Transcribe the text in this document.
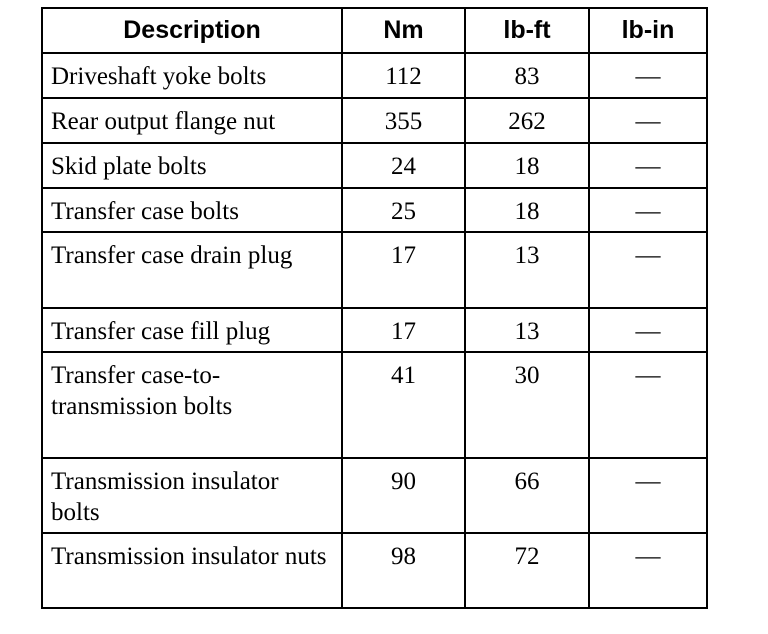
Description	Nm	lb-ft	lb-in
Driveshaft yoke bolts	112	83	—
Rear output flange nut	355	262	—
Skid plate bolts	24	18	—
Transfer case bolts	25	18	—
Transfer case drain plug	17	13	—
Transfer case fill plug	17	13	—
Transfer case-to-transmission bolts	41	30	—
Transmission insulator bolts	90	66	—
Transmission insulator nuts	98	72	—
